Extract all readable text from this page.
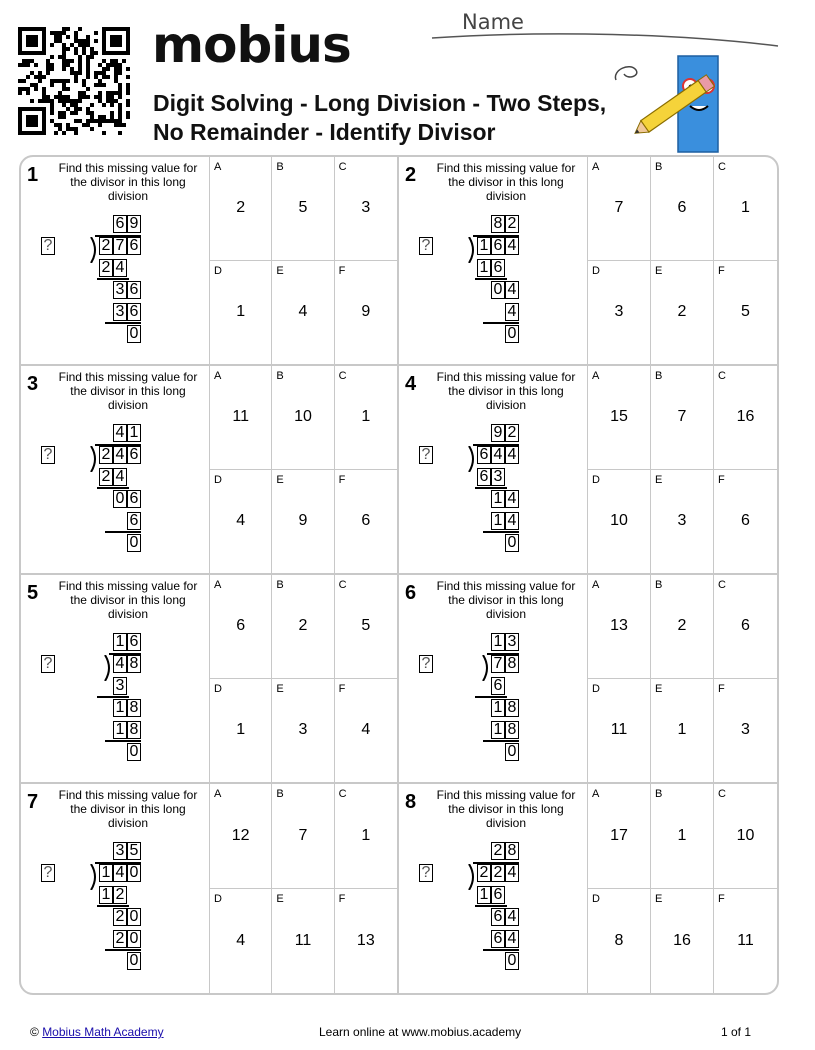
mobius	Name
Digit Solving - Long Division - Two Steps,
No Remainder - Identify Divisor
1 Find this missing value for the divisor in this long division
6 9
?	2 7 6
2 4
3 6
3 6
0
A
2
B
5
C
3
D
1
E
4
F
9
2 Find this missing value for the divisor in this long division
8 2
?	1 6 4
1 6
0 4
4
0
A
7
B
6
C
1
D
3
E
2
F
5
3 Find this missing value for the divisor in this long division
4 1
?	2 4 6
2 4
0 6
6
0
A
11
B
10
C
1
D
4
E
9
F
6
4 Find this missing value for the divisor in this long division
9 2
?	6 4 4
6 3
1 4
1 4
0
A
15
B
7
C
16
D
10
E
3
F
6
5 Find this missing value for the divisor in this long division
1 6
?	4 8
3
1 8
1 8
0
A
6
B
2
C
5
D
1
E
3
F
4
6 Find this missing value for the divisor in this long division
1 3
?	7 8
6
1 8
1 8
0
A
13
B
2
C
6
D
11
E
1
F
3
7 Find this missing value for the divisor in this long division
3 5
?	1 4 0
1 2
2 0
2 0
0
A
12
B
7
C
1
D
4
E
11
F
13
8 Find this missing value for the divisor in this long division
2 8
?	2 2 4
1 6
6 4
6 4
0
A
17
B
1
C
10
D
8
E
16
F
11
© Mobius Math Academy	Learn online at www.mobius.academy	1 of 1
